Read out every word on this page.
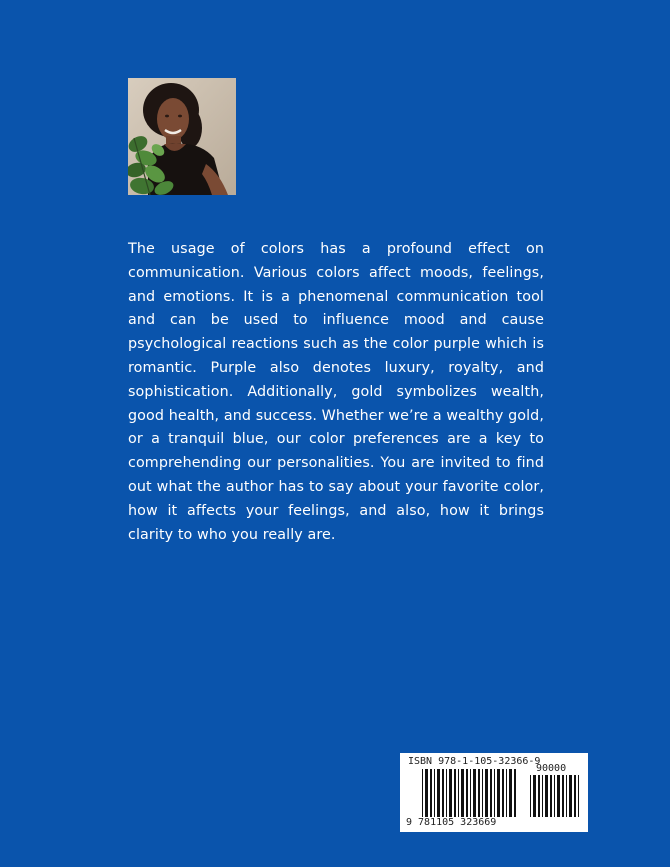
The usage of colors has a profound effect on communication. Various colors affect moods, feelings, and emotions. It is a phenomenal communication tool and can be used to influence mood and cause psychological reactions such as the color purple which is romantic. Purple also denotes luxury, royalty, and sophistication. Additionally, gold symbolizes wealth, good health, and success. Whether we’re a wealthy gold, or a tranquil blue, our color preferences are a key to comprehending our personalities. You are invited to find out what the author has to say about your favorite color, how it affects your feelings, and also, how it brings clarity to who you really are.

ISBN 978-1-105-32366-9
90000
9 781105 323669
